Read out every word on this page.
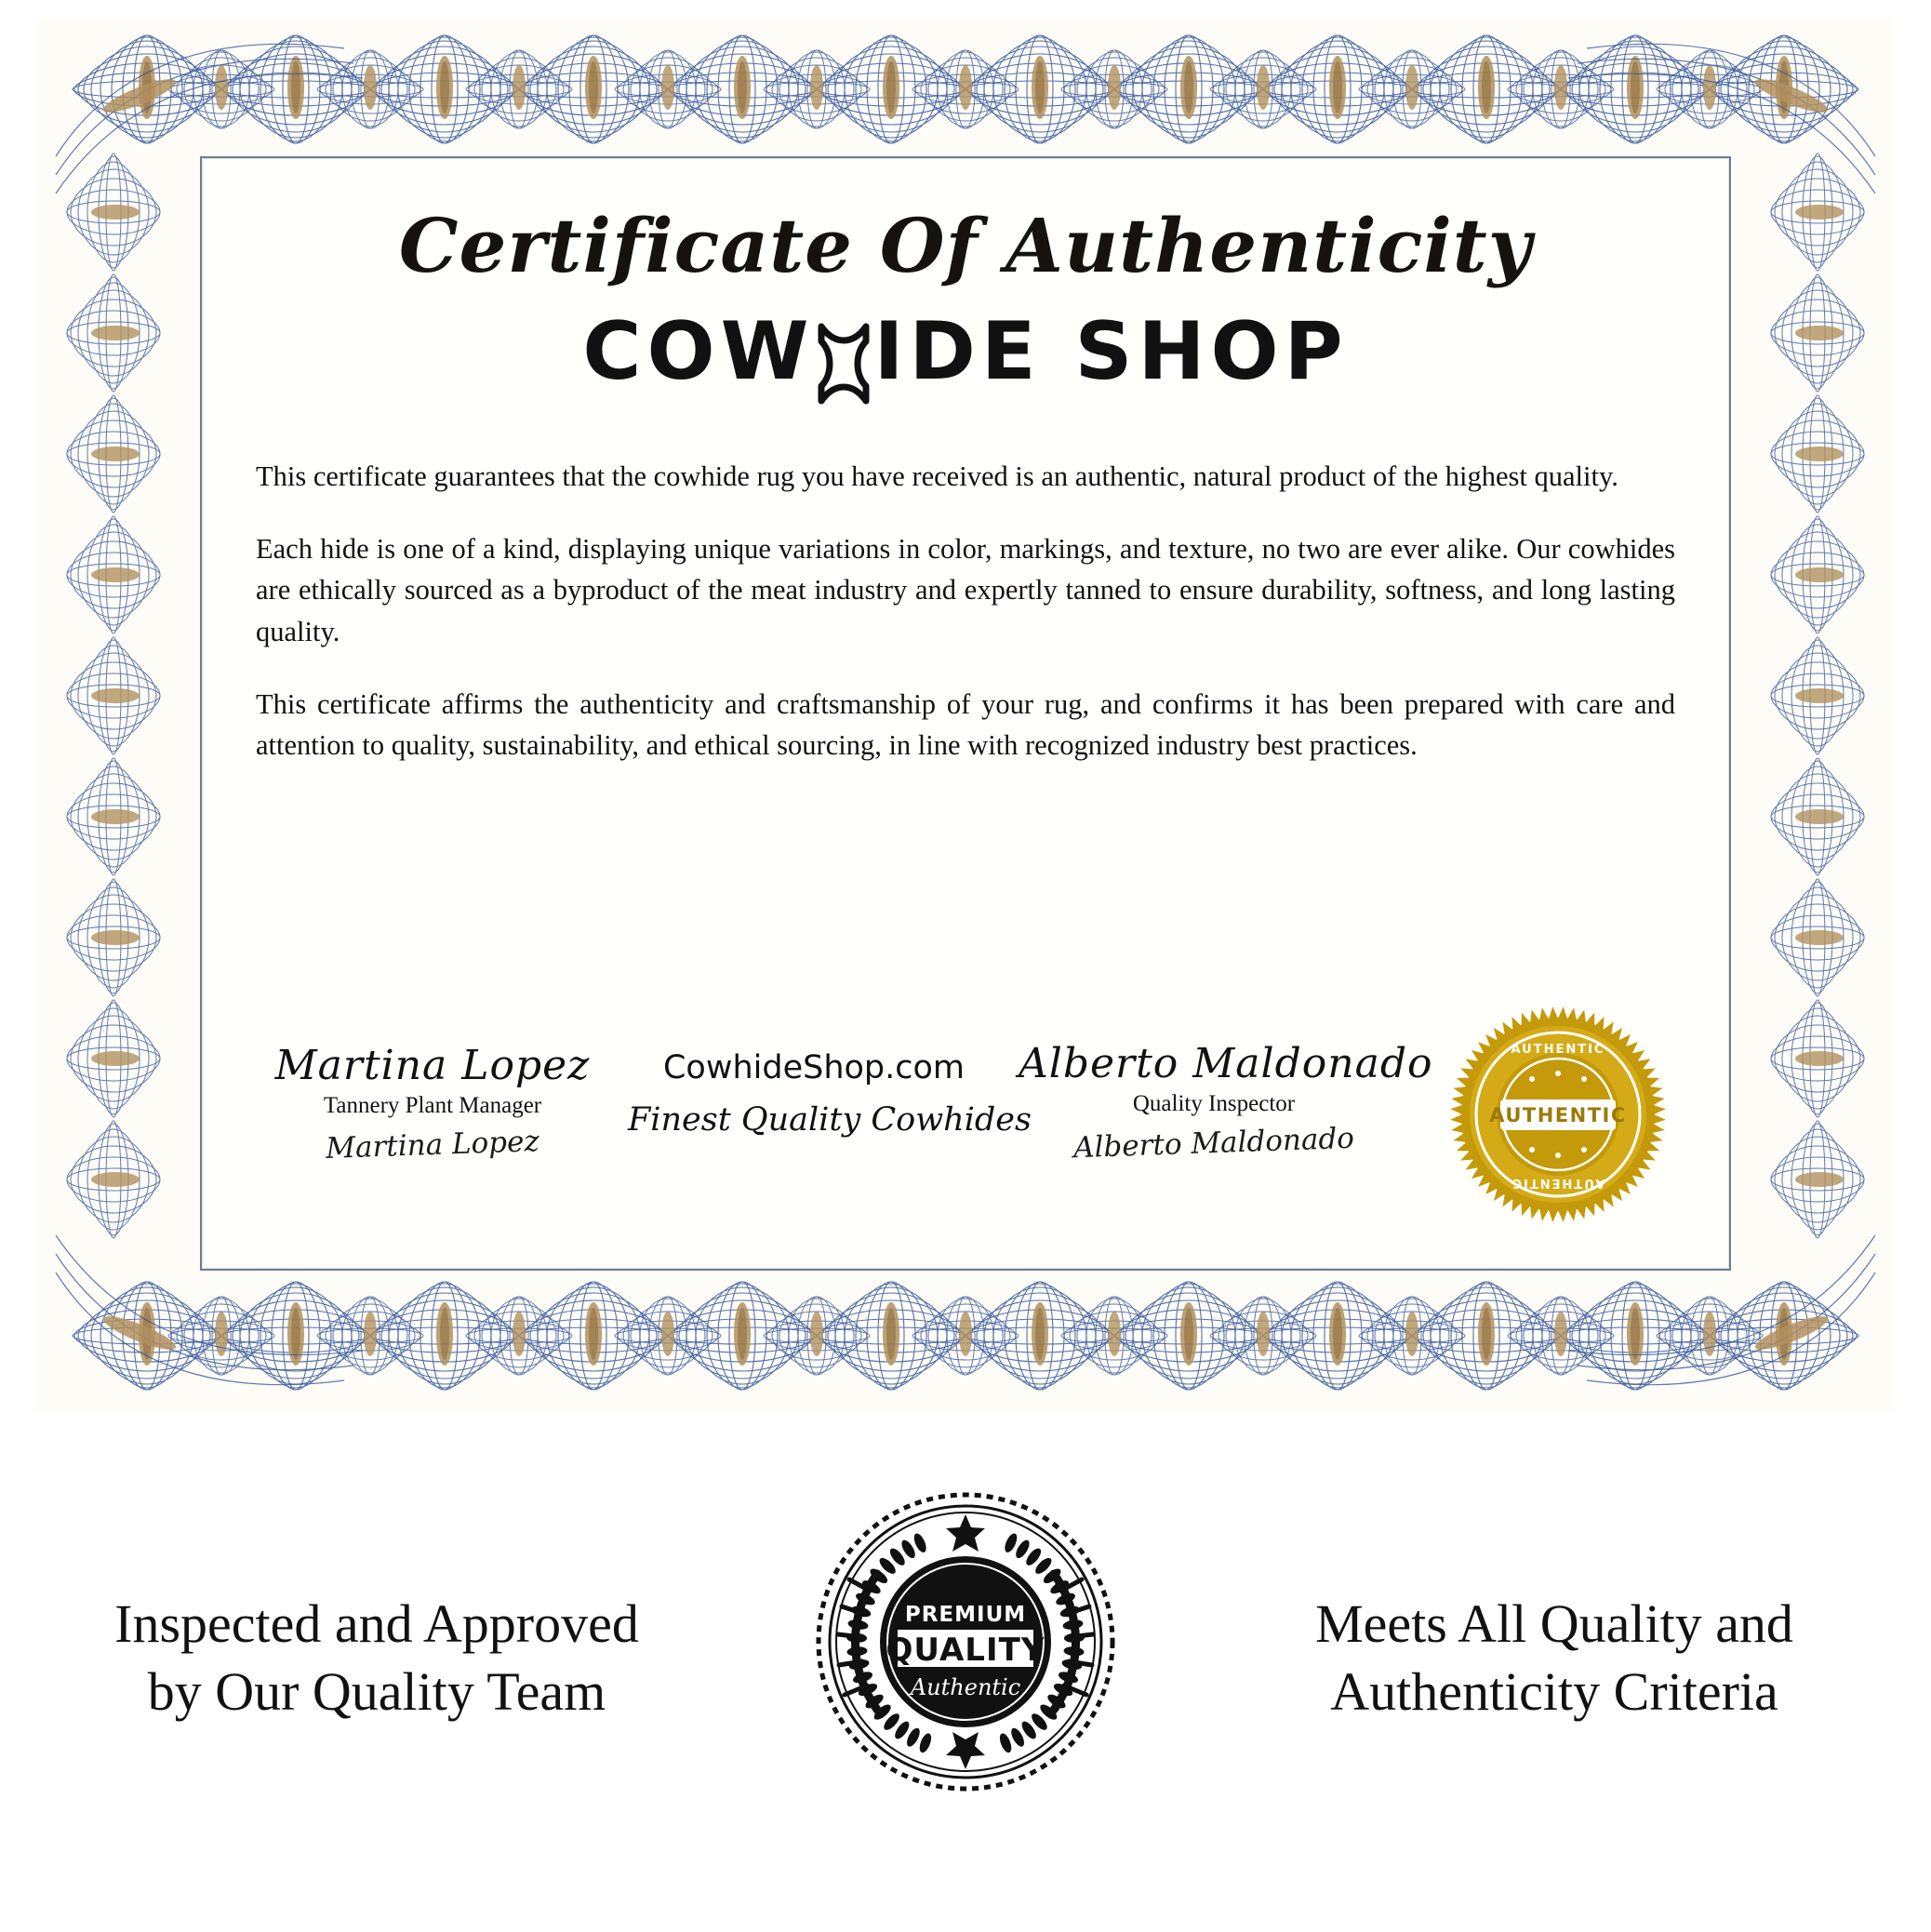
Certificate Of Authenticity
COW IDE SHOP

This certificate guarantees that the cowhide rug you have received is an authentic, natural product of the highest quality.

Each hide is one of a kind, displaying unique variations in color, markings, and texture, no two are ever alike. Our cowhides are ethically sourced as a byproduct of the meat industry and expertly tanned to ensure durability, softness, and long lasting quality.

This certificate affirms the authenticity and craftsmanship of your rug, and confirms it has been prepared with care and attention to quality, sustainability, and ethical sourcing, in line with recognized industry best practices.

Martina Lopez
Tannery Plant Manager
Martina Lopez
CowhideShop.com
Finest Quality Cowhides
Alberto Maldonado
Quality Inspector
Alberto Maldonado
AUTHENTIC
AUTHENTIC
AUTHENTIC
Inspected and Approved
by Our Quality Team
PREMIUM
QUALITY
Authentic
Meets All Quality and
Authenticity Criteria
